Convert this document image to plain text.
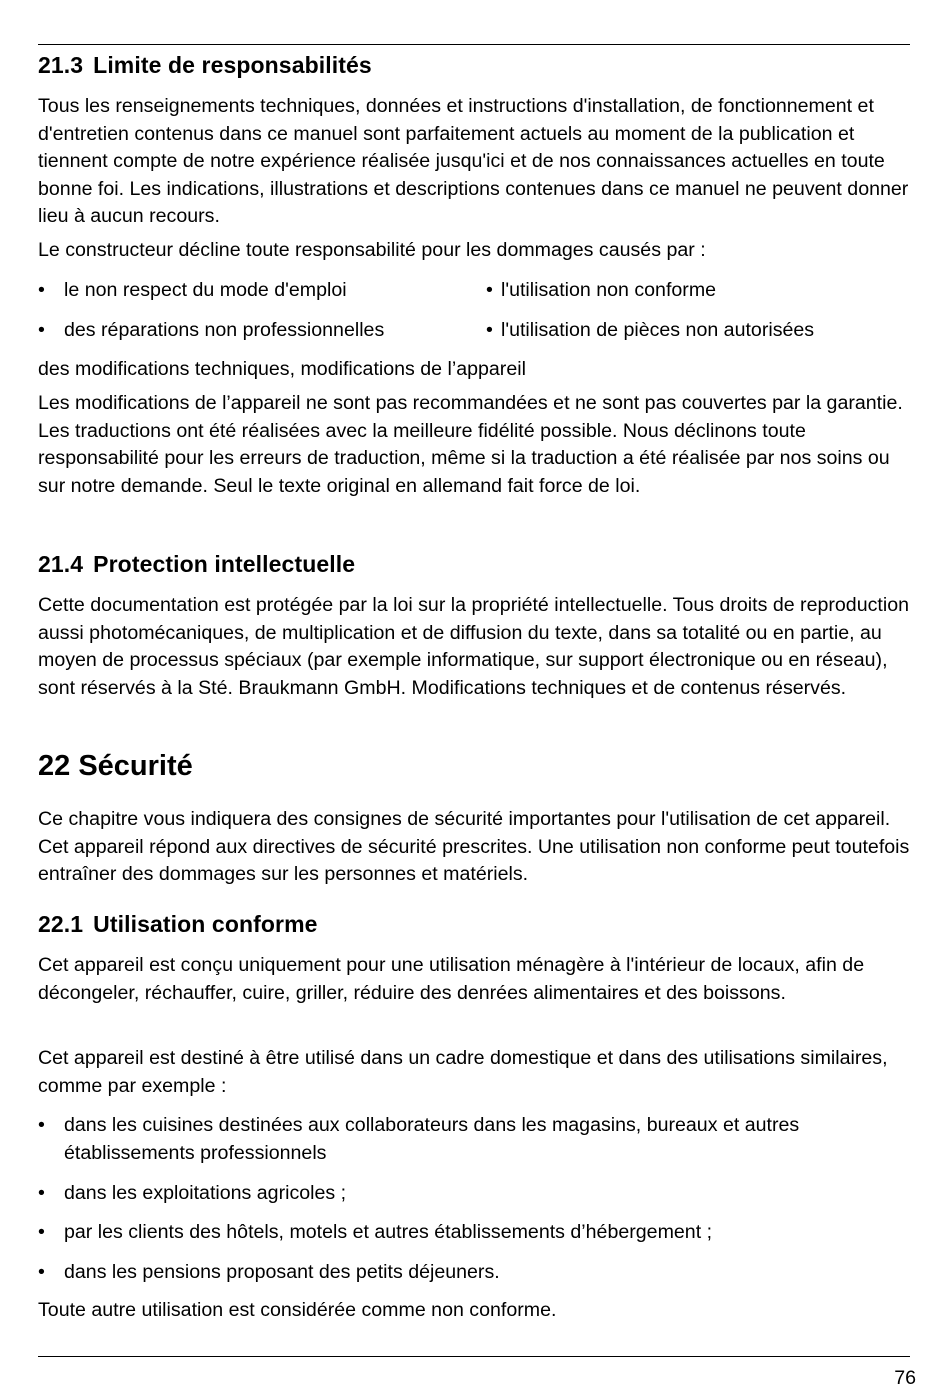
21.3 Limite de responsabilités

Tous les renseignements techniques, données et instructions d'installation, de fonctionnement et d'entretien contenus dans ce manuel sont parfaitement actuels au moment de la publication et tiennent compte de notre expérience réalisée jusqu'ici et de nos connaissances actuelles en toute bonne foi. Les indications, illustrations et descriptions contenues dans ce manuel ne peuvent donner lieu à aucun recours.

Le constructeur décline toute responsabilité pour les dommages causés par :

• le non respect du mode d'emploi	• l'utilisation non conforme
• des réparations non professionnelles	• l'utilisation de pièces non autorisées

des modifications techniques, modifications de l’appareil

Les modifications de l’appareil ne sont pas recommandées et ne sont pas couvertes par la garantie. Les traductions ont été réalisées avec la meilleure fidélité possible. Nous déclinons toute responsabilité pour les erreurs de traduction, même si la traduction a été réalisée par nos soins ou sur notre demande. Seul le texte original en allemand fait force de loi.

21.4 Protection intellectuelle

Cette documentation est protégée par la loi sur la propriété intellectuelle. Tous droits de reproduction aussi photomécaniques, de multiplication et de diffusion du texte, dans sa totalité ou en partie, au moyen de processus spéciaux (par exemple informatique, sur support électronique ou en réseau), sont réservés à la Sté. Braukmann GmbH. Modifications techniques et de contenus réservés.

22 Sécurité

Ce chapitre vous indiquera des consignes de sécurité importantes pour l'utilisation de cet appareil. Cet appareil répond aux directives de sécurité prescrites. Une utilisation non conforme peut toutefois entraîner des dommages sur les personnes et matériels.

22.1 Utilisation conforme

Cet appareil est conçu uniquement pour une utilisation ménagère à l'intérieur de locaux, afin de décongeler, réchauffer, cuire, griller, réduire des denrées alimentaires et des boissons.

Cet appareil est destiné à être utilisé dans un cadre domestique et dans des utilisations similaires, comme par exemple :

• dans les cuisines destinées aux collaborateurs dans les magasins, bureaux et autres établissements professionnels
• dans les exploitations agricoles ;
• par les clients des hôtels, motels et autres établissements d’hébergement ;
• dans les pensions proposant des petits déjeuners.

Toute autre utilisation est considérée comme non conforme.

76
